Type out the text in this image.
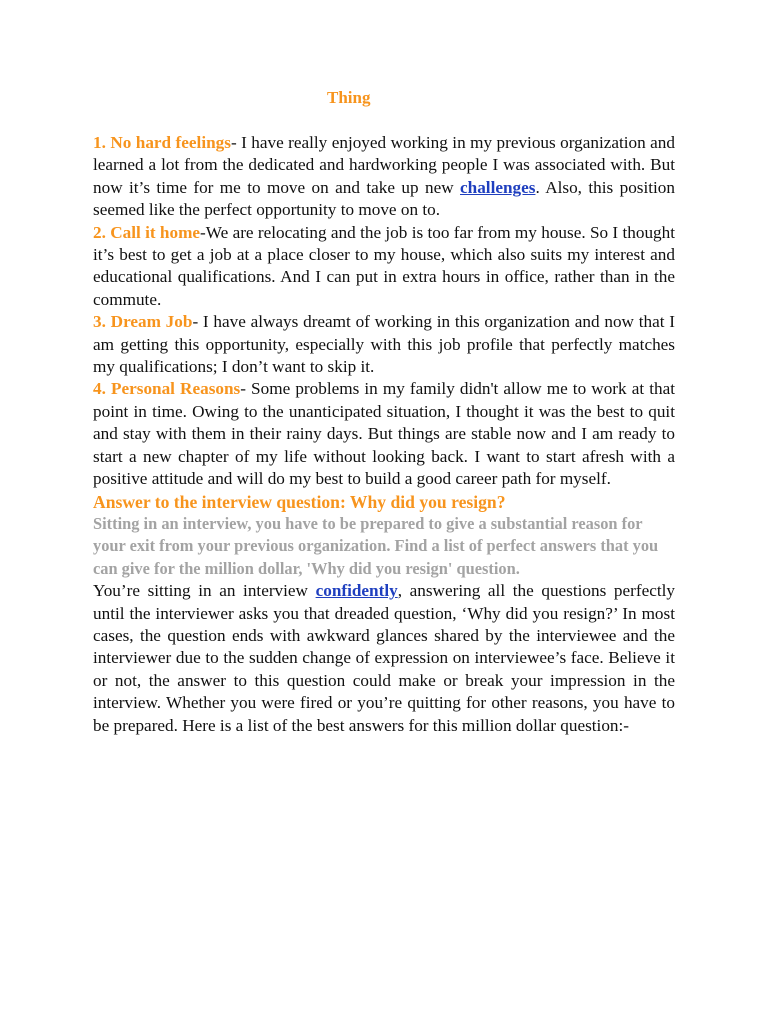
Thing

1. No hard feelings- I have really enjoyed working in my previous organization and learned a lot from the dedicated and hardworking people I was associated with. But now it’s time for me to move on and take up new challenges. Also, this position seemed like the perfect opportunity to move on to.

2. Call it home-We are relocating and the job is too far from my house. So I thought it’s best to get a job at a place closer to my house, which also suits my interest and educational qualifications. And I can put in extra hours in office, rather than in the commute.

3. Dream Job- I have always dreamt of working in this organization and now that I am getting this opportunity, especially with this job profile that perfectly matches my qualifications; I don’t want to skip it.

4. Personal Reasons- Some problems in my family didn't allow me to work at that point in time. Owing to the unanticipated situation, I thought it was the best to quit and stay with them in their rainy days. But things are stable now and I am ready to start a new chapter of my life without looking back. I want to start afresh with a positive attitude and will do my best to build a good career path for myself.

Answer to the interview question: Why did you resign?

Sitting in an interview, you have to be prepared to give a substantial reason for your exit from your previous organization. Find a list of perfect answers that you can give for the million dollar, 'Why did you resign' question.

You’re sitting in an interview confidently, answering all the questions perfectly until the interviewer asks you that dreaded question, ‘Why did you resign?’ In most cases, the question ends with awkward glances shared by the interviewee and the interviewer due to the sudden change of expression on interviewee’s face. Believe it or not, the answer to this question could make or break your impression in the interview. Whether you were fired or you’re quitting for other reasons, you have to be prepared. Here is a list of the best answers for this million dollar question:-
